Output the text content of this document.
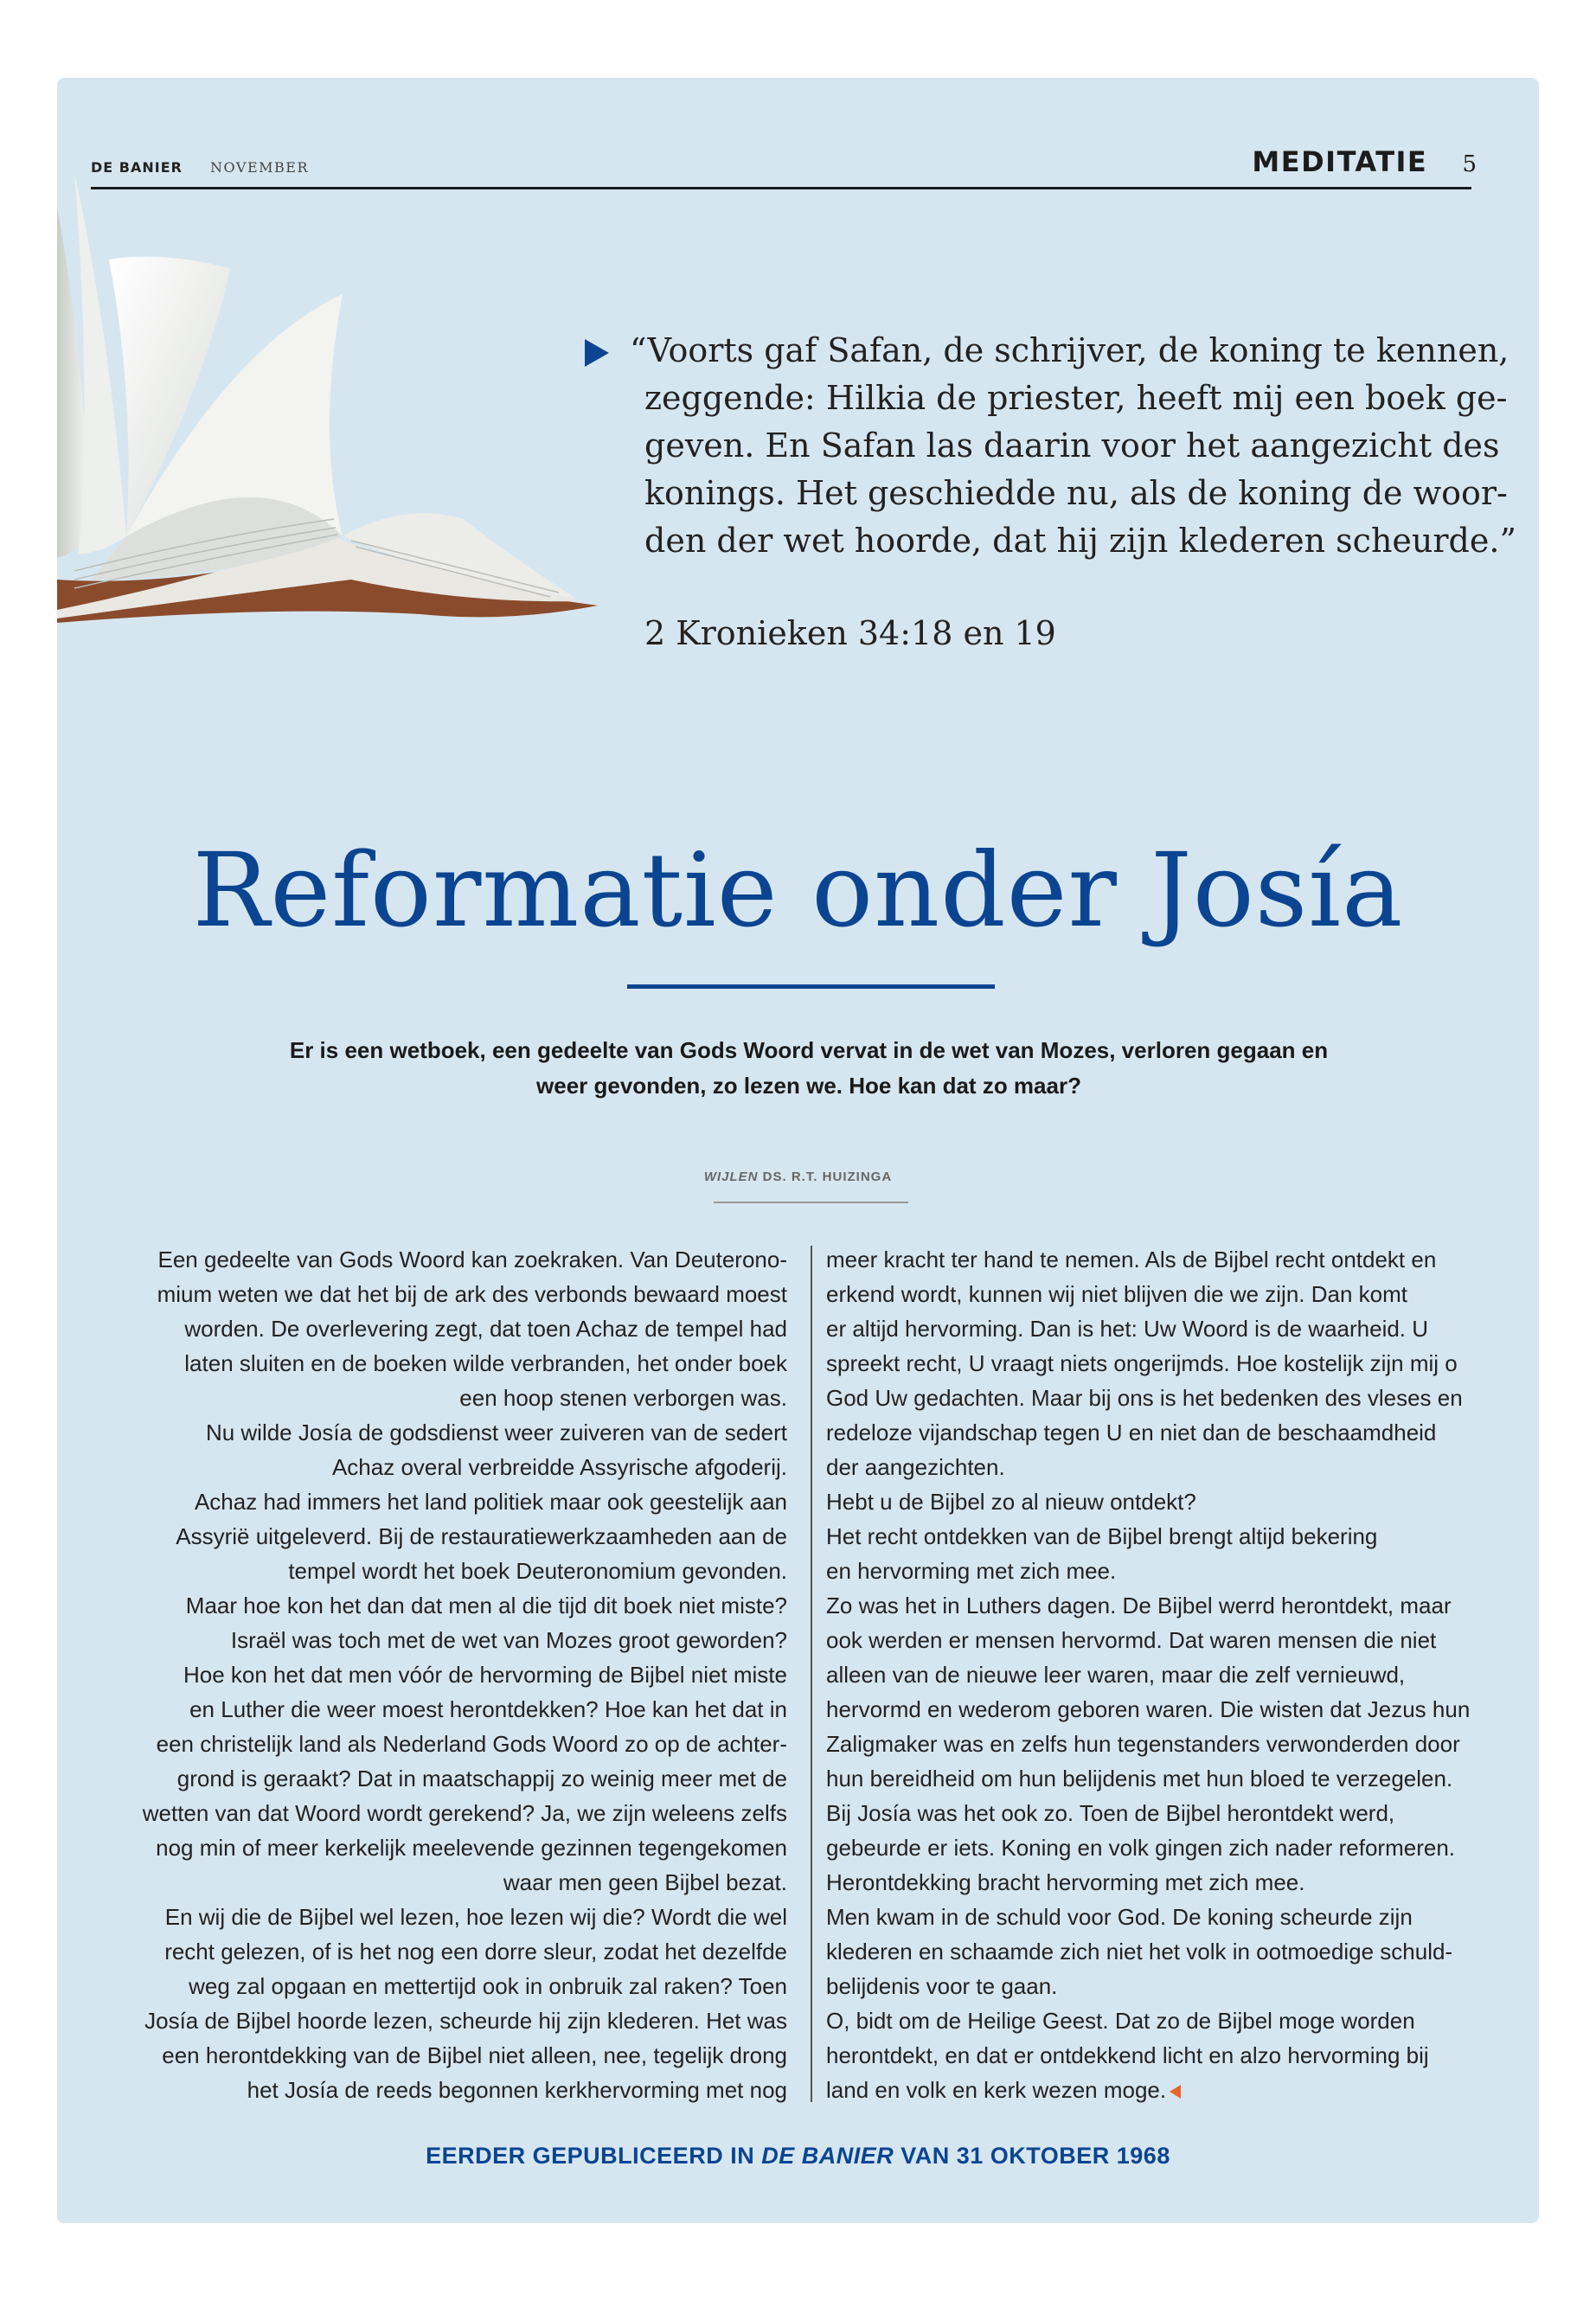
DE BANIER NOVEMBER	MEDITATIE 5
“Voorts gaf Safan, de schrijver, de koning te kennen,
zeggende: Hilkia de priester, heeft mij een boek ge-
geven. En Safan las daarin voor het aangezicht des
konings. Het geschiedde nu, als de koning de woor-
den der wet hoorde, dat hij zijn klederen scheurde.”
2 Kronieken 34:18 en 19
Reformatie onder Josía
Er is een wetboek, een gedeelte van Gods Woord vervat in de wet van Mozes, verloren gegaan en
weer gevonden, zo lezen we. Hoe kan dat zo maar?
WIJLEN DS. R.T. HUIZINGA
Een gedeelte van Gods Woord kan zoekraken. Van Deuterono-
mium weten we dat het bij de ark des verbonds bewaard moest
worden. De overlevering zegt, dat toen Achaz de tempel had
laten sluiten en de boeken wilde verbranden, het onder boek
een hoop stenen verborgen was.
Nu wilde Josía de godsdienst weer zuiveren van de sedert
Achaz overal verbreidde Assyrische afgoderij.
Achaz had immers het land politiek maar ook geestelijk aan
Assyrië uitgeleverd. Bij de restauratiewerkzaamheden aan de
tempel wordt het boek Deuteronomium gevonden.
Maar hoe kon het dan dat men al die tijd dit boek niet miste?
Israël was toch met de wet van Mozes groot geworden?
Hoe kon het dat men vóór de hervorming de Bijbel niet miste
en Luther die weer moest herontdekken? Hoe kan het dat in
een christelijk land als Nederland Gods Woord zo op de achter-
grond is geraakt? Dat in maatschappij zo weinig meer met de
wetten van dat Woord wordt gerekend? Ja, we zijn weleens zelfs
nog min of meer kerkelijk meelevende gezinnen tegengekomen
waar men geen Bijbel bezat.
En wij die de Bijbel wel lezen, hoe lezen wij die? Wordt die wel
recht gelezen, of is het nog een dorre sleur, zodat het dezelfde
weg zal opgaan en mettertijd ook in onbruik zal raken? Toen
Josía de Bijbel hoorde lezen, scheurde hij zijn klederen. Het was
een herontdekking van de Bijbel niet alleen, nee, tegelijk drong
het Josía de reeds begonnen kerkhervorming met nog
meer kracht ter hand te nemen. Als de Bijbel recht ontdekt en
erkend wordt, kunnen wij niet blijven die we zijn. Dan komt
er altijd hervorming. Dan is het: Uw Woord is de waarheid. U
spreekt recht, U vraagt niets ongerijmds. Hoe kostelijk zijn mij o
God Uw gedachten. Maar bij ons is het bedenken des vleses en
redeloze vijandschap tegen U en niet dan de beschaamdheid
der aangezichten.
Hebt u de Bijbel zo al nieuw ontdekt?
Het recht ontdekken van de Bijbel brengt altijd bekering
en hervorming met zich mee.
Zo was het in Luthers dagen. De Bijbel werrd herontdekt, maar
ook werden er mensen hervormd. Dat waren mensen die niet
alleen van de nieuwe leer waren, maar die zelf vernieuwd,
hervormd en wederom geboren waren. Die wisten dat Jezus hun
Zaligmaker was en zelfs hun tegenstanders verwonderden door
hun bereidheid om hun belijdenis met hun bloed te verzegelen.
Bij Josía was het ook zo. Toen de Bijbel herontdekt werd,
gebeurde er iets. Koning en volk gingen zich nader reformeren.
Herontdekking bracht hervorming met zich mee.
Men kwam in de schuld voor God. De koning scheurde zijn
klederen en schaamde zich niet het volk in ootmoedige schuld-
belijdenis voor te gaan.
O, bidt om de Heilige Geest. Dat zo de Bijbel moge worden
herontdekt, en dat er ontdekkend licht en alzo hervorming bij
land en volk en kerk wezen moge.
EERDER GEPUBLICEERD IN DE BANIER VAN 31 OKTOBER 1968
